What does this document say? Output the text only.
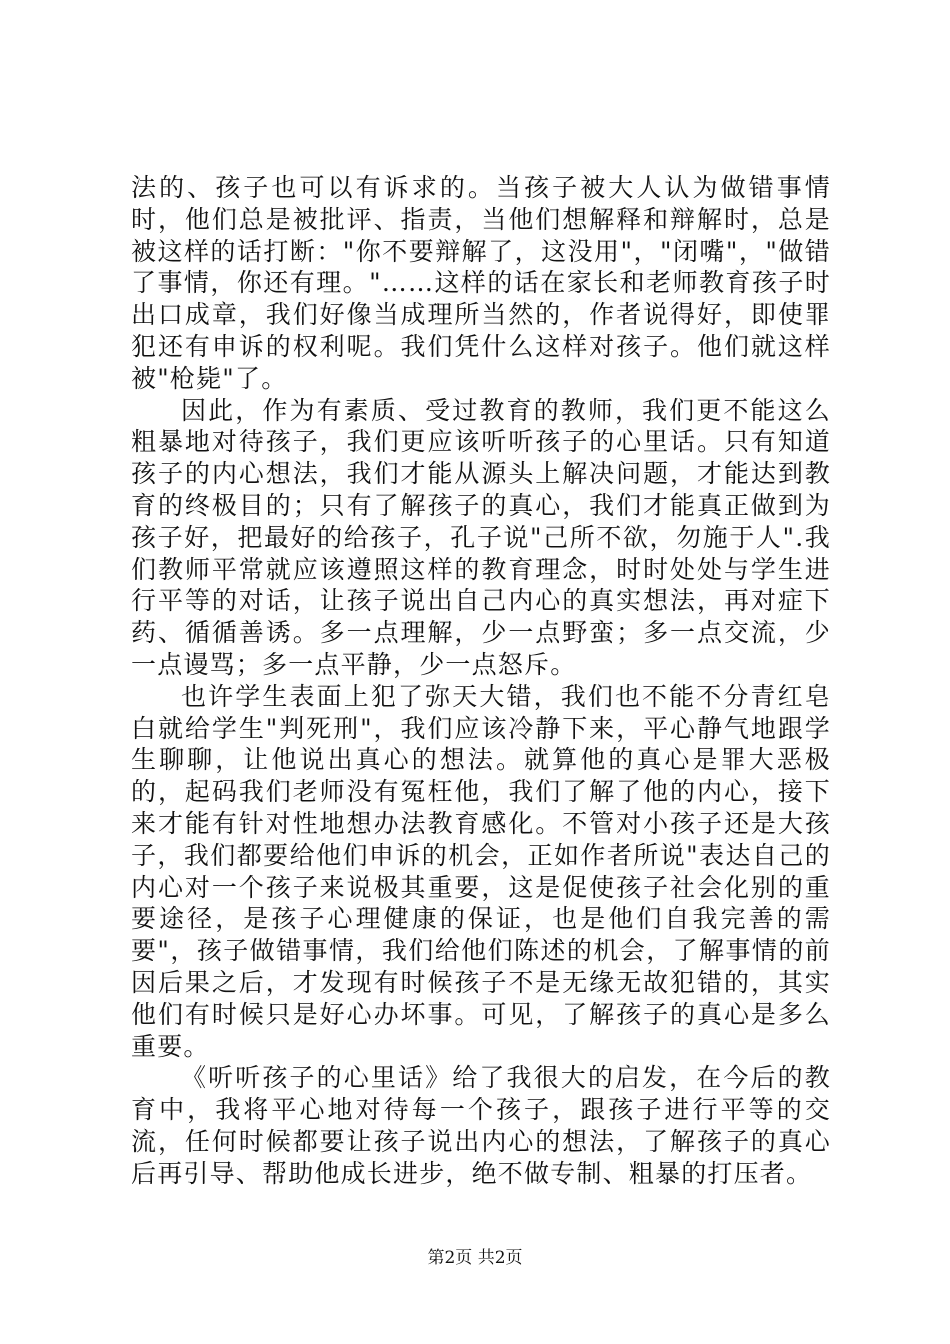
法的、孩子也可以有诉求的。当孩子被大人认为做错事情时，他们总是被批评、指责，当他们想解释和辩解时，总是被这样的话打断："你不要辩解了，这没用"，"闭嘴"，"做错了事情，你还有理。"……这样的话在家长和老师教育孩子时出口成章，我们好像当成理所当然的，作者说得好，即使罪犯还有申诉的权利呢。我们凭什么这样对孩子。他们就这样被"枪毙"了。

因此，作为有素质、受过教育的教师，我们更不能这么粗暴地对待孩子，我们更应该听听孩子的心里话。只有知道孩子的内心想法，我们才能从源头上解决问题，才能达到教育的终极目的；只有了解孩子的真心，我们才能真正做到为孩子好，把最好的给孩子，孔子说"己所不欲，勿施于人".我们教师平常就应该遵照这样的教育理念，时时处处与学生进行平等的对话，让孩子说出自己内心的真实想法，再对症下药、循循善诱。多一点理解，少一点野蛮；多一点交流，少一点谩骂；多一点平静，少一点怒斥。

也许学生表面上犯了弥天大错，我们也不能不分青红皂白就给学生"判死刑"，我们应该冷静下来，平心静气地跟学生聊聊，让他说出真心的想法。就算他的真心是罪大恶极的，起码我们老师没有冤枉他，我们了解了他的内心，接下来才能有针对性地想办法教育感化。不管对小孩子还是大孩子，我们都要给他们申诉的机会，正如作者所说"表达自己的内心对一个孩子来说极其重要，这是促使孩子社会化别的重要途径，是孩子心理健康的保证，也是他们自我完善的需要"，孩子做错事情，我们给他们陈述的机会，了解事情的前因后果之后，才发现有时候孩子不是无缘无故犯错的，其实他们有时候只是好心办坏事。可见，了解孩子的真心是多么重要。

《听听孩子的心里话》给了我很大的启发，在今后的教育中，我将平心地对待每一个孩子，跟孩子进行平等的交流，任何时候都要让孩子说出内心的想法，了解孩子的真心后再引导、帮助他成长进步，绝不做专制、粗暴的打压者。

第2页 共2页
